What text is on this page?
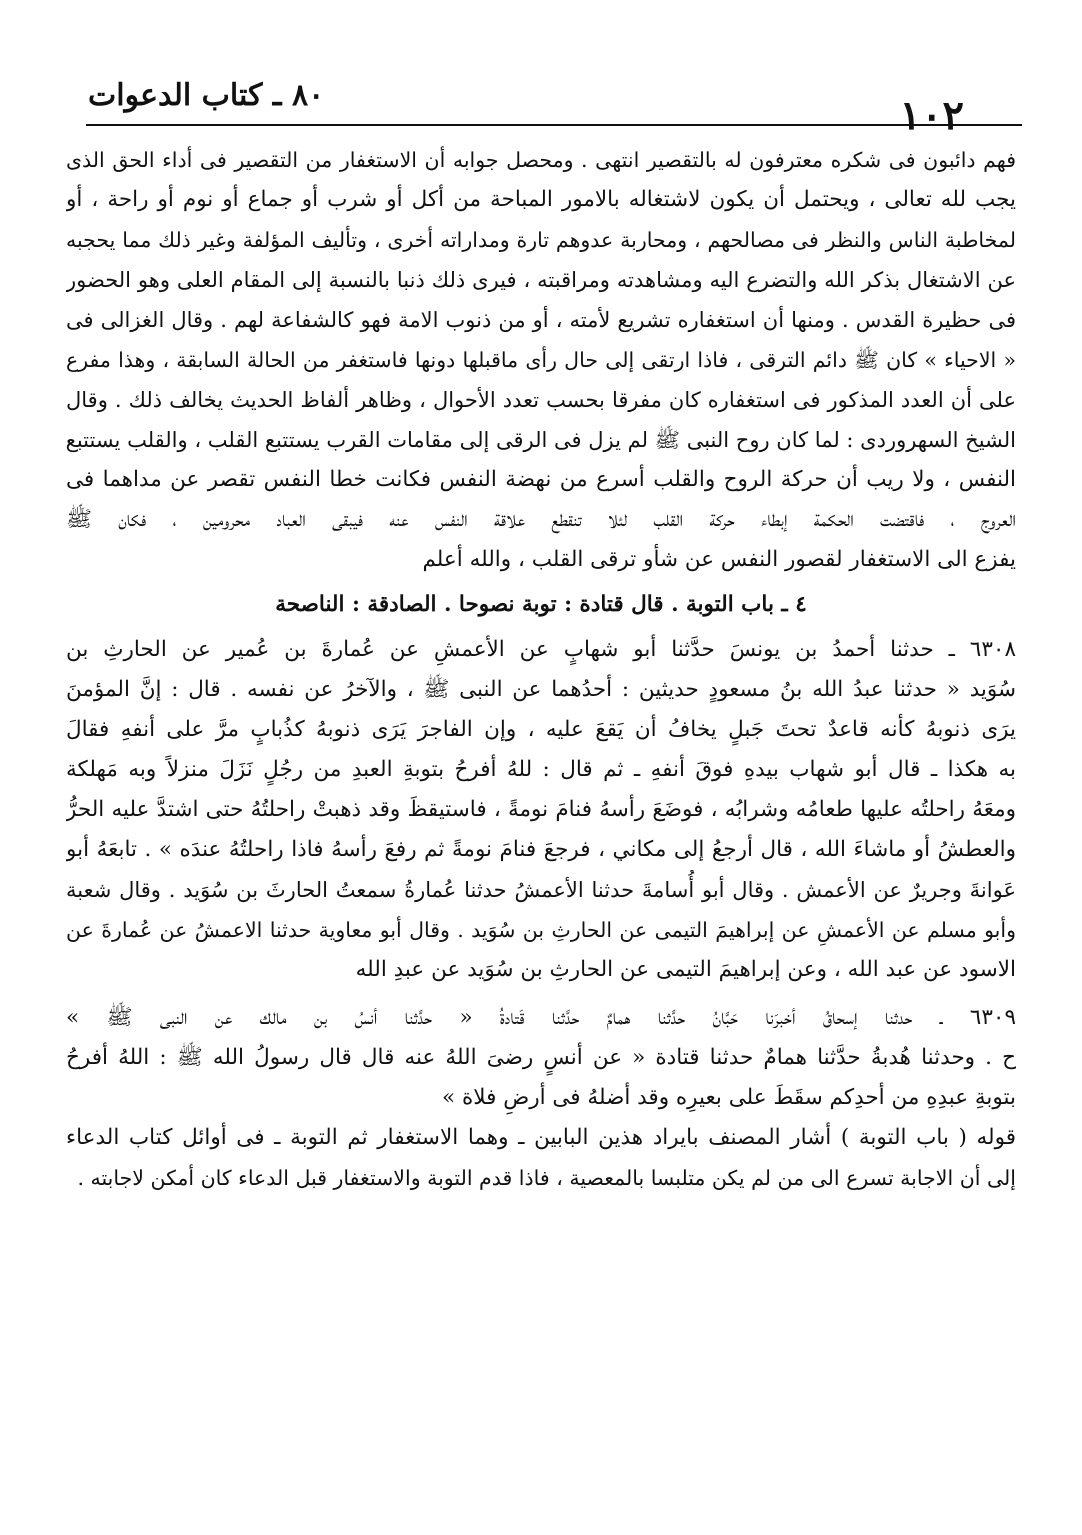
١٠٢
٨٠ ـ كتاب الدعوات
فهم دائبون فى شكره معترفون له بالتقصير انتهى . ومحصل جوابه أن الاستغفار من التقصير فى أداء الحق الذى
يجب لله تعالى ، ويحتمل أن يكون لاشتغاله بالامور المباحة من أكل أو شرب أو جماع أو نوم أو راحة ، أو
لمخاطبة الناس والنظر فى مصالحهم ، ومحاربة عدوهم تارة ومداراته أخرى ، وتأليف المؤلفة وغير ذلك مما يحجبه
عن الاشتغال بذكر الله والتضرع اليه ومشاهدته ومراقبته ، فيرى ذلك ذنبا بالنسبة إلى المقام العلى وهو الحضور
فى حظيرة القدس . ومنها أن استغفاره تشريع لأمته ، أو من ذنوب الامة فهو كالشفاعة لهم . وقال الغزالى فى
« الاحياء » كان ﷺ دائم الترقى ، فاذا ارتقى إلى حال رأى ماقبلها دونها فاستغفر من الحالة السابقة ، وهذا مفرع
على أن العدد المذكور فى استغفاره كان مفرقا بحسب تعدد الأحوال ، وظاهر ألفاظ الحديث يخالف ذلك . وقال
الشيخ السهروردى : لما كان روح النبى ﷺ لم يزل فى الرقى إلى مقامات القرب يستتبع القلب ، والقلب يستتبع
النفس ، ولا ريب أن حركة الروح والقلب أسرع من نهضة النفس فكانت خطا النفس تقصر عن مداهما فى
العروج ، فاقتضت الحكمة إبطاء حركة القلب لئلا تنقطع علاقة النفس عنه فيبقى العباد محرومين ، فكان ﷺ
يفزع الى الاستغفار لقصور النفس عن شأو ترقى القلب ، والله أعلم
٤ ـ باب التوبة . قال قتادة : توبة نصوحا . الصادقة : الناصحة
٦٣٠٨ ـ حدثنا أحمدُ بن يونسَ حدَّثنا أبو شهابٍ عن الأعمشِ عن عُمارةَ بن عُمير عن الحارثِ بن
سُوَيد « حدثنا عبدُ الله بنُ مسعودٍ حديثين : أحدُهما عن النبى ﷺ ، والآخرُ عن نفسه . قال : إنَّ المؤمنَ
يرَى ذنوبهُ كأنه قاعدٌ تحتَ جَبلٍ يخافُ أن يَقعَ عليه ، وإن الفاجرَ يَرَى ذنوبهُ كذُبابٍ مرَّ على أنفهِ فقالَ
به هكذا ـ قال أبو شهاب بيدهِ فوقَ أنفهِ ـ ثم قال : للهُ أفرحُ بتوبةِ العبدِ من رجُلٍ نَزَلَ منزلاً وبه مَهلكة
ومعَهُ راحلتُه عليها طعامُه وشرابُه ، فوضَعَ رأسهُ فنامَ نومةً ، فاستيقظَ وقد ذهبتْ راحلتُهُ حتى اشتدَّ عليه الحرُّ
والعطشُ أو ماشاءَ الله ، قال أرجعُ إلى مكاني ، فرجعَ فنامَ نومةً ثم رفعَ رأسهُ فاذا راحلتُهُ عندَه » . تابعَهُ أبو
عَوانةَ وجريرٌ عن الأعمش . وقال أبو أُسامةَ حدثنا الأعمشُ حدثنا عُمارةُ سمعتُ الحارثَ بن سُوَيد . وقال شعبة
وأبو مسلم عن الأعمشِ عن إبراهيمَ التيمى عن الحارثِ بن سُوَيد . وقال أبو معاوية حدثنا الاعمشُ عن عُمارةَ عن
الاسود عن عبد الله ، وعن إبراهيمَ التيمى عن الحارثِ بن سُوَيد عن عبدِ الله
٦٣٠٩ ـ حدثنا إسحاقُ أخبرَنا حَبَّانُ حدَّثنا همامٌ حدَّثنا قَتادةُ « حدَّثنا أنسُ بن مالك عن النبى ﷺ »
ح . وحدثنا هُدبةُ حدَّثنا همامٌ حدثنا قتادة « عن أنسٍ رضىَ اللهُ عنه قال قال رسولُ الله ﷺ : اللهُ أفرحُ
بتوبةِ عبدِهِ من أحدِكم سقَطَ على بعيرِه وقد أضلهُ فى أرضِ فلاة »
قوله ( باب التوبة ) أشار المصنف بايراد هذين البابين ـ وهما الاستغفار ثم التوبة ـ فى أوائل كتاب الدعاء
إلى أن الاجابة تسرع الى من لم يكن متلبسا بالمعصية ، فاذا قدم التوبة والاستغفار قبل الدعاء كان أمكن لاجابته .
